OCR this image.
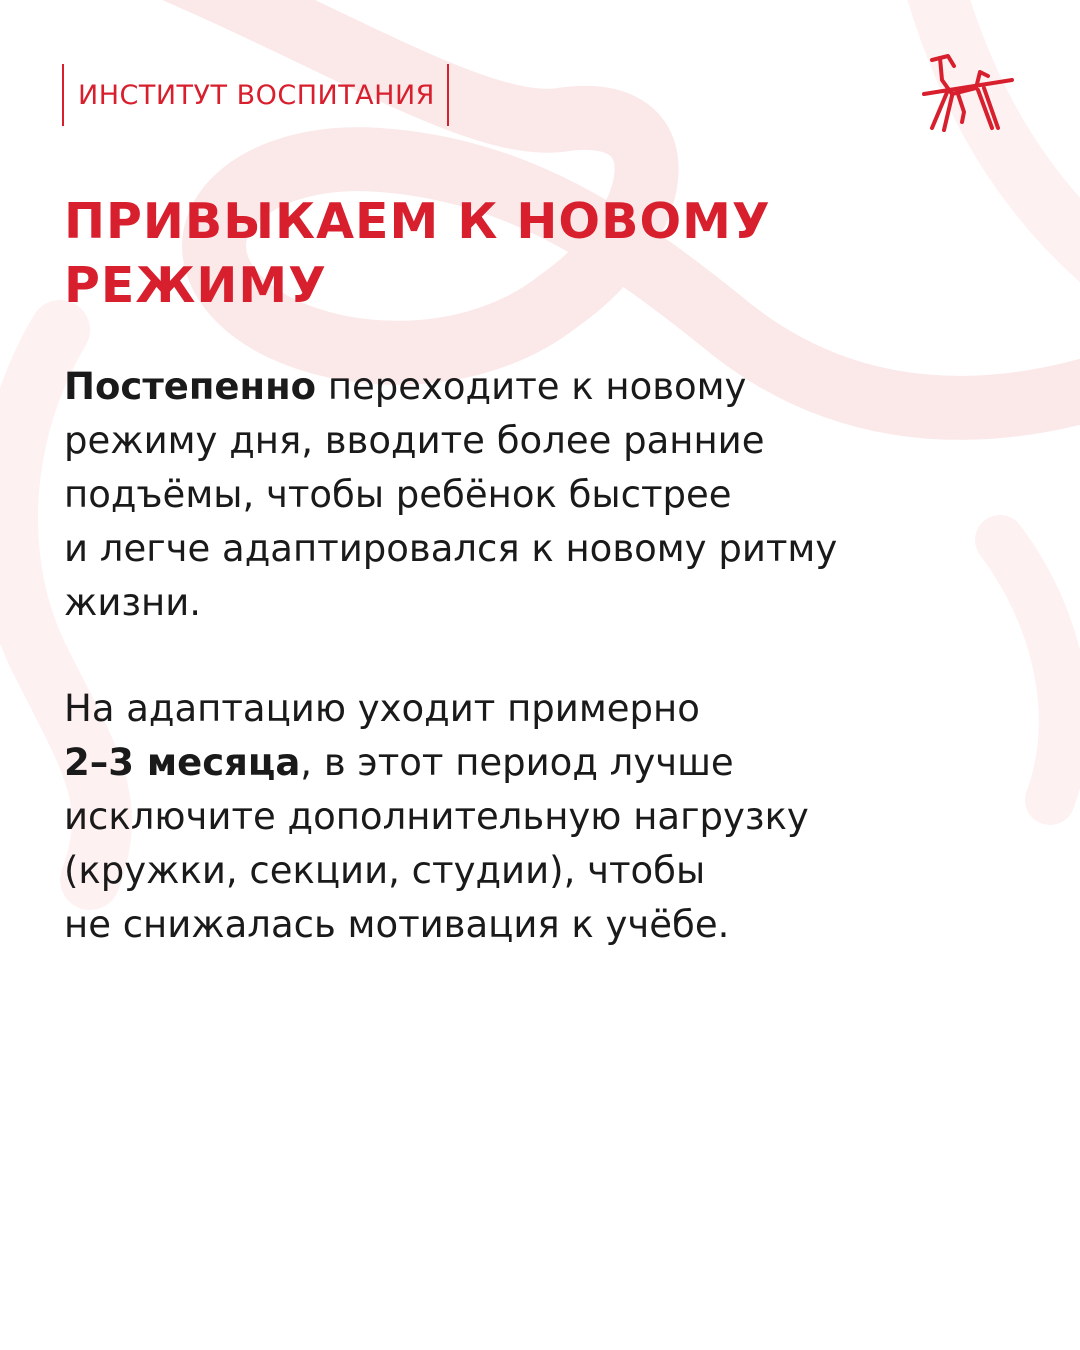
ИНСТИТУТ ВОСПИТАНИЯ
ПРИВЫКАЕМ К НОВОМУ
РЕЖИМУ

Постепенно переходите к новому
режиму дня, вводите более ранние
подъёмы, чтобы ребёнок быстрее
и легче адаптировался к новому ритму
жизни.

На адаптацию уходит примерно
2–3 месяца, в этот период лучше
исключите дополнительную нагрузку
(кружки, секции, студии), чтобы
не снижалась мотивация к учёбе.
